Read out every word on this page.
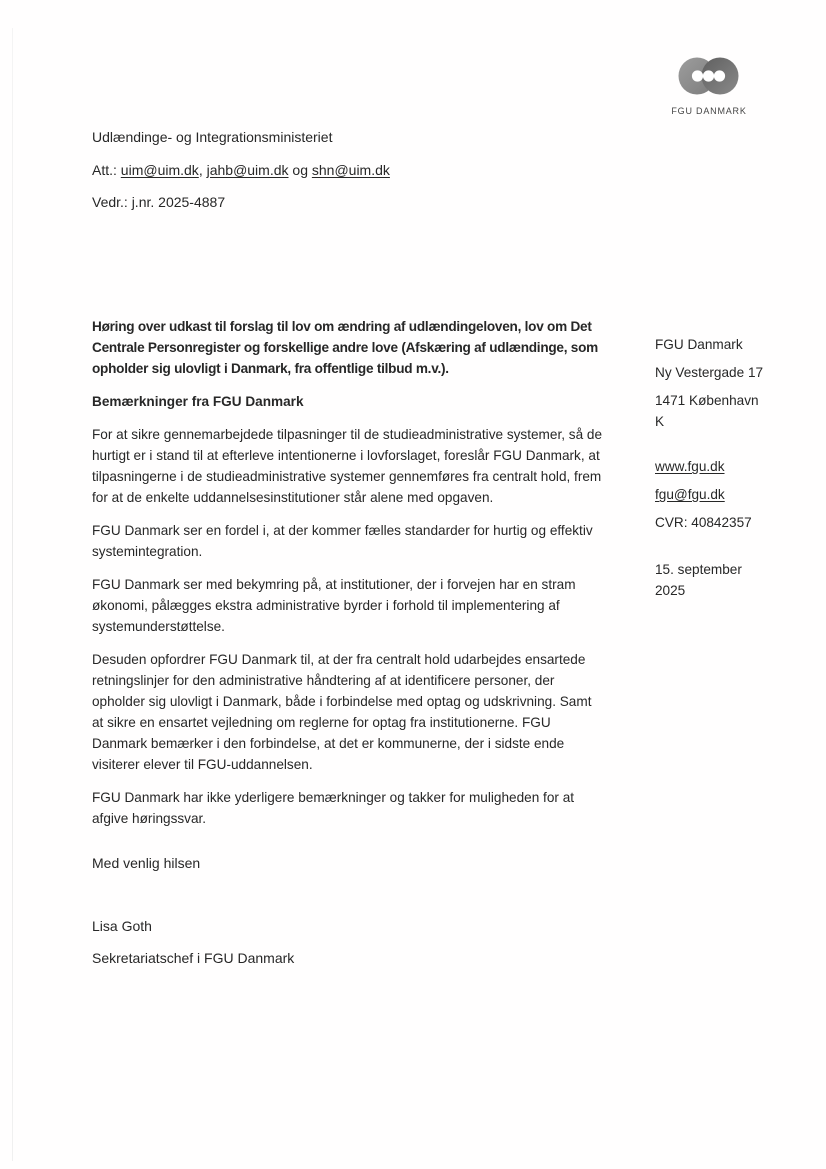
FGU DANMARK
Udlændinge- og Integrationsministeriet
Att.: uim@uim.dk, jahb@uim.dk og shn@uim.dk
Vedr.: j.nr. 2025-4887

Høring over udkast til forslag til lov om ændring af udlændingeloven, lov om Det Centrale Personregister og forskellige andre love (Afskæring af udlændinge, som opholder sig ulovligt i Danmark, fra offentlige tilbud m.v.).

Bemærkninger fra FGU Danmark

For at sikre gennemarbejdede tilpasninger til de studieadministrative systemer, så de hurtigt er i stand til at efterleve intentionerne i lovforslaget, foreslår FGU Danmark, at tilpasningerne i de studieadministrative systemer gennemføres fra centralt hold, frem for at de enkelte uddannelsesinstitutioner står alene med opgaven.

FGU Danmark ser en fordel i, at der kommer fælles standarder for hurtig og effektiv systemintegration.

FGU Danmark ser med bekymring på, at institutioner, der i forvejen har en stram økonomi, pålægges ekstra administrative byrder i forhold til implementering af systemunderstøttelse.

Desuden opfordrer FGU Danmark til, at der fra centralt hold udarbejdes ensartede retningslinjer for den administrative håndtering af at identificere personer, der opholder sig ulovligt i Danmark, både i forbindelse med optag og udskrivning. Samt at sikre en ensartet vejledning om reglerne for optag fra institutionerne. FGU Danmark bemærker i den forbindelse, at det er kommunerne, der i sidste ende visiterer elever til FGU-uddannelsen.

FGU Danmark har ikke yderligere bemærkninger og takker for muligheden for at afgive høringssvar.

Med venlig hilsen
Lisa Goth
Sekretariatschef i FGU Danmark
FGU Danmark
Ny Vestergade 17
1471 København K
www.fgu.dk
fgu@fgu.dk
CVR: 40842357
15. september 2025
